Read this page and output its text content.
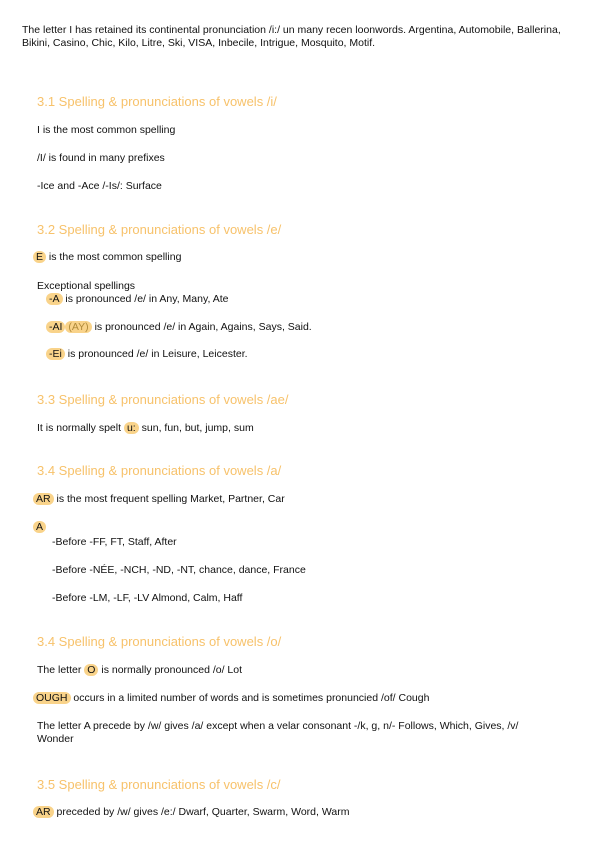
The letter I has retained its continental pronunciation /i:/ un many recen loonwords. Argentina, Automobile, Ballerina, Bikini, Casino, Chic, Kilo, Litre, Ski, VISA, Inbecile, Intrigue, Mosquito, Motif.
3.1 Spelling & pronunciations of vowels /i/
I is the most common spelling
/I/ is found in many prefixes
-Ice and -Ace /-Is/: Surface
3.2 Spelling & pronunciations of vowels /e/
E is the most common spelling
Exceptional spellings
-A is pronounced /e/ in Any, Many, Ate
-AI (AY) is pronounced /e/ in Again, Agains, Says, Said.
-Ei is pronounced /e/ in Leisure, Leicester.
3.3 Spelling & pronunciations of vowels /ae/
It is normally spelt u: sun, fun, but, jump, sum
3.4 Spelling & pronunciations of vowels /a/
AR is the most frequent spelling Market, Partner, Car
A
-Before -FF, FT, Staff, After
-Before -NÉE, -NCH, -ND, -NT, chance, dance, France
-Before -LM, -LF, -LV Almond, Calm, Haff
3.4 Spelling & pronunciations of vowels /o/
The letter O is normally pronounced /o/ Lot
OUGH occurs in a limited number of words and is sometimes pronuncied /of/ Cough
The letter A precede by /w/ gives /a/ except when a velar consonant -/k, g, n/- Follows, Which, Gives, /v/ Wonder
3.5 Spelling & pronunciations of vowels /c/
AR preceded by /w/ gives /e:/ Dwarf, Quarter, Swarm, Word, Warm
